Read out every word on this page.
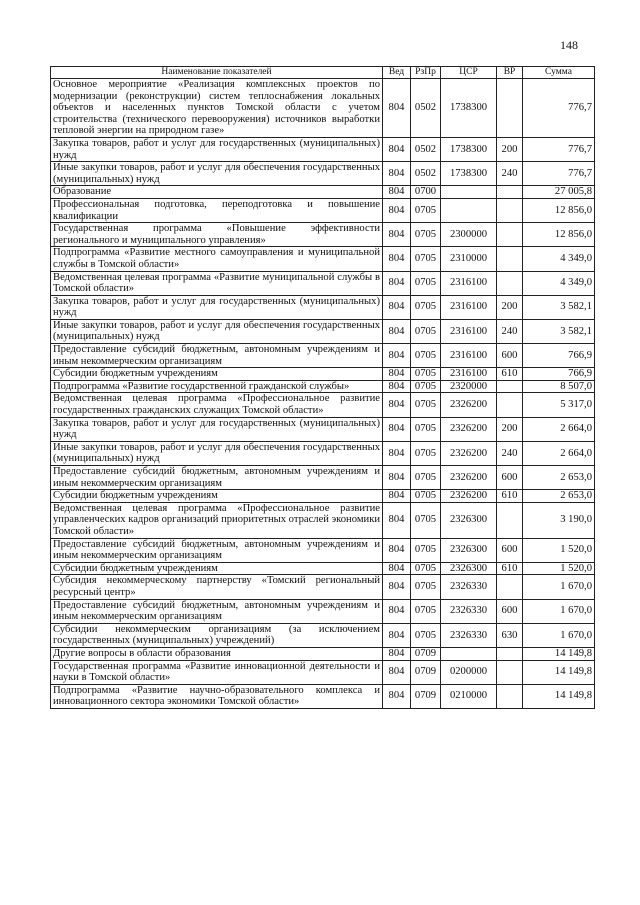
148
Наименование показателей	Вед	РзПр	ЦСР	ВР	Сумма
Основное мероприятие «Реализация комплексных проектов по модернизации (реконструкции) систем теплоснабжения локальных объектов и населенных пунктов Томской области с учетом строительства (технического перевооружения) источников выработки тепловой энергии на природном газе»	804	0502	1738300		776,7
Закупка товаров, работ и услуг для государственных (муниципальных) нужд	804	0502	1738300	200	776,7
Иные закупки товаров, работ и услуг для обеспечения государственных (муниципальных) нужд	804	0502	1738300	240	776,7
Образование	804	0700			27 005,8
Профессиональная подготовка, переподготовка и повышение квалификации	804	0705			12 856,0
Государственная программа «Повышение эффективности регионального и муниципального управления»	804	0705	2300000		12 856,0
Подпрограмма «Развитие местного самоуправления и муниципальной службы в Томской области»	804	0705	2310000		4 349,0
Ведомственная целевая программа «Развитие муниципальной службы в Томской области»	804	0705	2316100		4 349,0
Закупка товаров, работ и услуг для государственных (муниципальных) нужд	804	0705	2316100	200	3 582,1
Иные закупки товаров, работ и услуг для обеспечения государственных (муниципальных) нужд	804	0705	2316100	240	3 582,1
Предоставление субсидий бюджетным, автономным учреждениям и иным некоммерческим организациям	804	0705	2316100	600	766,9
Субсидии бюджетным учреждениям	804	0705	2316100	610	766,9
Подпрограмма «Развитие государственной гражданской службы»	804	0705	2320000		8 507,0
Ведомственная целевая программа «Профессиональное развитие государственных гражданских служащих Томской области»	804	0705	2326200		5 317,0
Закупка товаров, работ и услуг для государственных (муниципальных) нужд	804	0705	2326200	200	2 664,0
Иные закупки товаров, работ и услуг для обеспечения государственных (муниципальных) нужд	804	0705	2326200	240	2 664,0
Предоставление субсидий бюджетным, автономным учреждениям и иным некоммерческим организациям	804	0705	2326200	600	2 653,0
Субсидии бюджетным учреждениям	804	0705	2326200	610	2 653,0
Ведомственная целевая программа «Профессиональное развитие управленческих кадров организаций приоритетных отраслей экономики Томской области»	804	0705	2326300		3 190,0
Предоставление субсидий бюджетным, автономным учреждениям и иным некоммерческим организациям	804	0705	2326300	600	1 520,0
Субсидии бюджетным учреждениям	804	0705	2326300	610	1 520,0
Субсидия некоммерческому партнерству «Томский региональный ресурсный центр»	804	0705	2326330		1 670,0
Предоставление субсидий бюджетным, автономным учреждениям и иным некоммерческим организациям	804	0705	2326330	600	1 670,0
Субсидии некоммерческим организациям (за исключением государственных (муниципальных) учреждений)	804	0705	2326330	630	1 670,0
Другие вопросы в области образования	804	0709			14 149,8
Государственная программа «Развитие инновационной деятельности и науки в Томской области»	804	0709	0200000		14 149,8
Подпрограмма «Развитие научно-образовательного комплекса и инновационного сектора экономики Томской области»	804	0709	0210000		14 149,8
